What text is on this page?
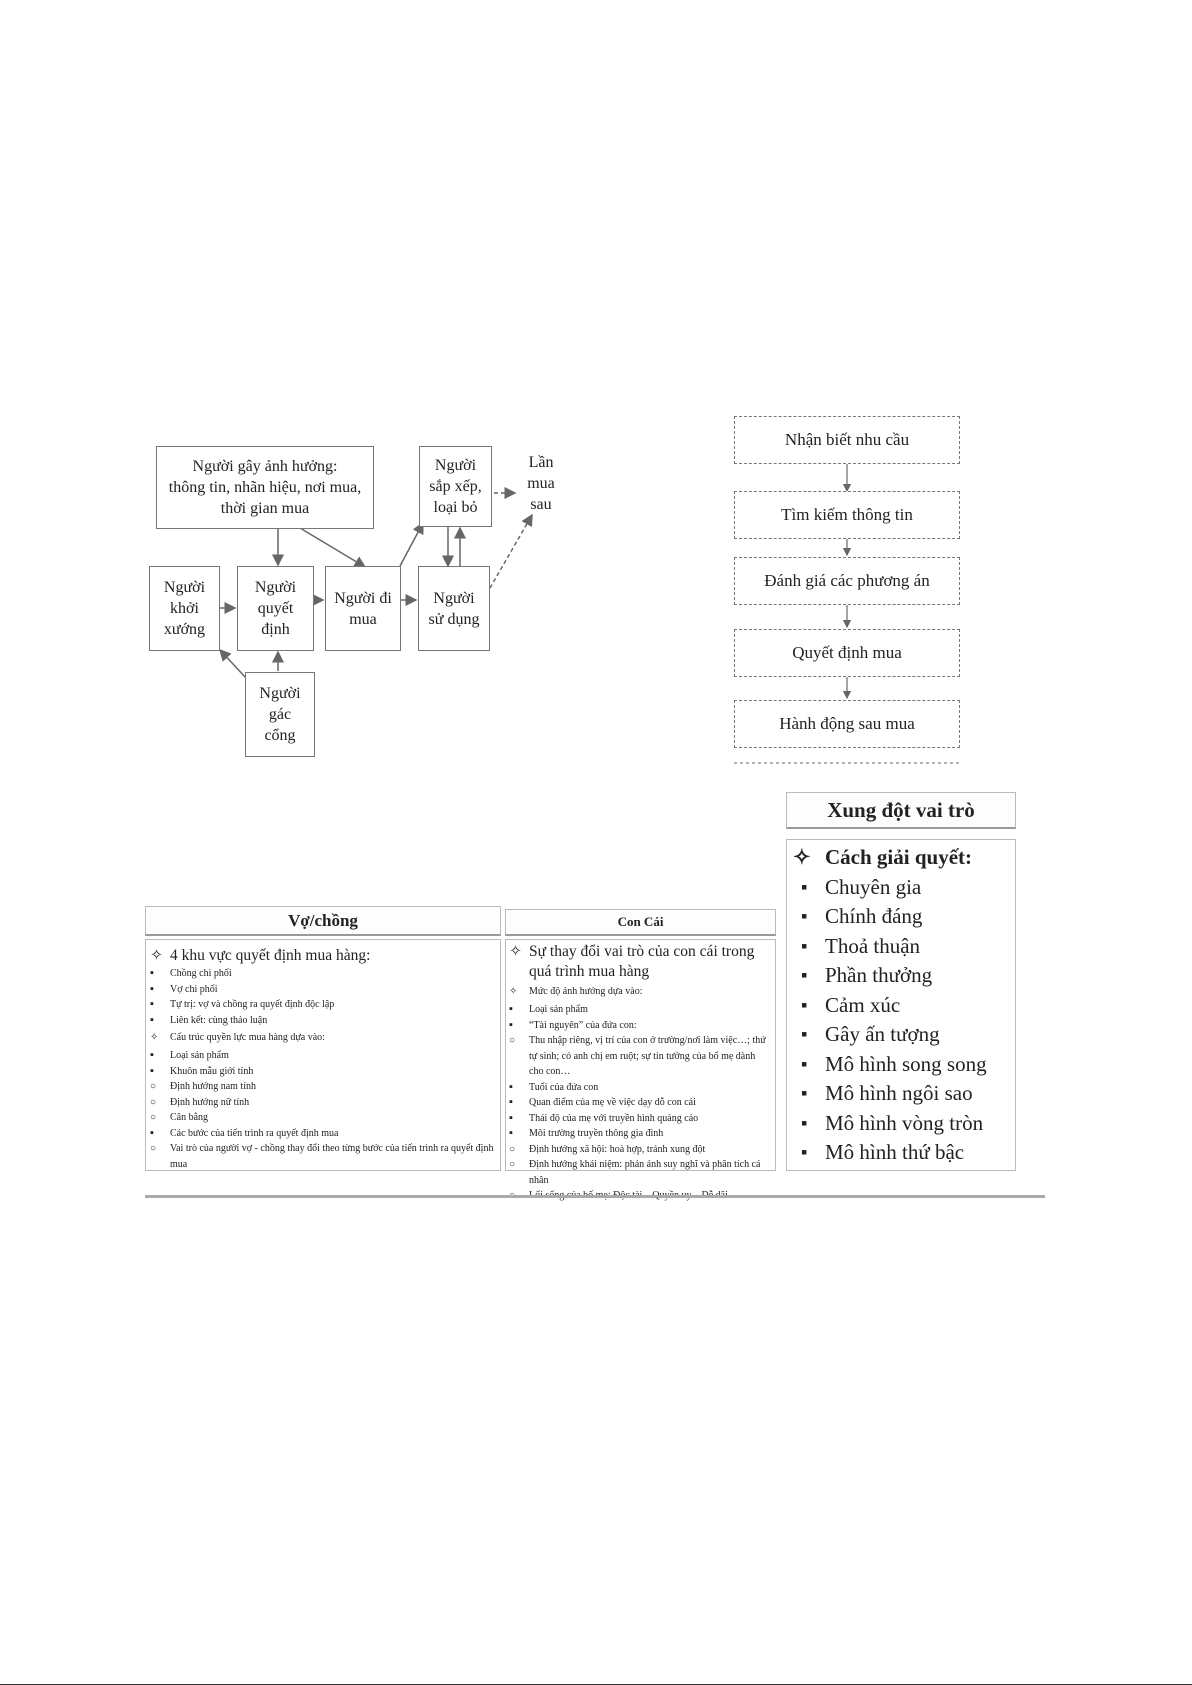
Người gây ảnh hưởng:
thông tin, nhãn hiệu, nơi mua,
thời gian mua
Người
sắp xếp,
loại bỏ
Lần
mua
sau
Người
khởi
xướng
Người
quyết
định
Người đi
mua
Người
sử dụng
Người
gác
cổng
Nhận biết nhu cầu
Tìm kiếm thông tin
Đánh giá các phương án
Quyết định mua
Hành động sau mua
Vợ/chồng
✧ 4 khu vực quyết định mua hàng:
▪ Chồng chi phối
▪ Vợ chi phối
▪ Tự trị: vợ và chồng ra quyết định độc lập
▪ Liên kết: cùng thảo luận
✧ Cấu trúc quyền lực mua hàng dựa vào:
▪ Loại sản phẩm
▪ Khuôn mẫu giới tính
○ Định hướng nam tính
○ Định hướng nữ tính
○ Cân bằng
▪ Các bước của tiến trình ra quyết định mua
○ Vai trò của người vợ - chồng thay đổi theo từng bước của tiến trình ra quyết định mua
Con Cái
✧ Sự thay đổi vai trò của con cái trong quá trình mua hàng
✧ Mức độ ảnh hưởng dựa vào:
▪ Loại sản phẩm
▪ “Tài nguyên” của đứa con:
○ Thu nhập riêng, vị trí của con ở trường/nơi làm việc…; thứ tự sinh; có anh chị em ruột; sự tin tưởng của bố mẹ dành cho con…
▪ Tuổi của đứa con
▪ Quan điểm của mẹ về việc dạy dỗ con cái
▪ Thái độ của mẹ với truyền hình quảng cáo
▪ Môi trường truyền thông gia đình
○ Định hướng xã hội: hoà hợp, tránh xung đột
○ Định hướng khái niệm: phản ánh suy nghĩ và phân tích cá nhân
○
Xung đột vai trò
✧ Cách giải quyết:
▪ Chuyên gia
▪ Chính đáng
▪ Thoả thuận
▪ Phần thưởng
▪ Cảm xúc
▪ Gây ấn tượng
▪ Mô hình song song
▪ Mô hình ngôi sao
▪ Mô hình vòng tròn
▪ Mô hình thứ bậc
